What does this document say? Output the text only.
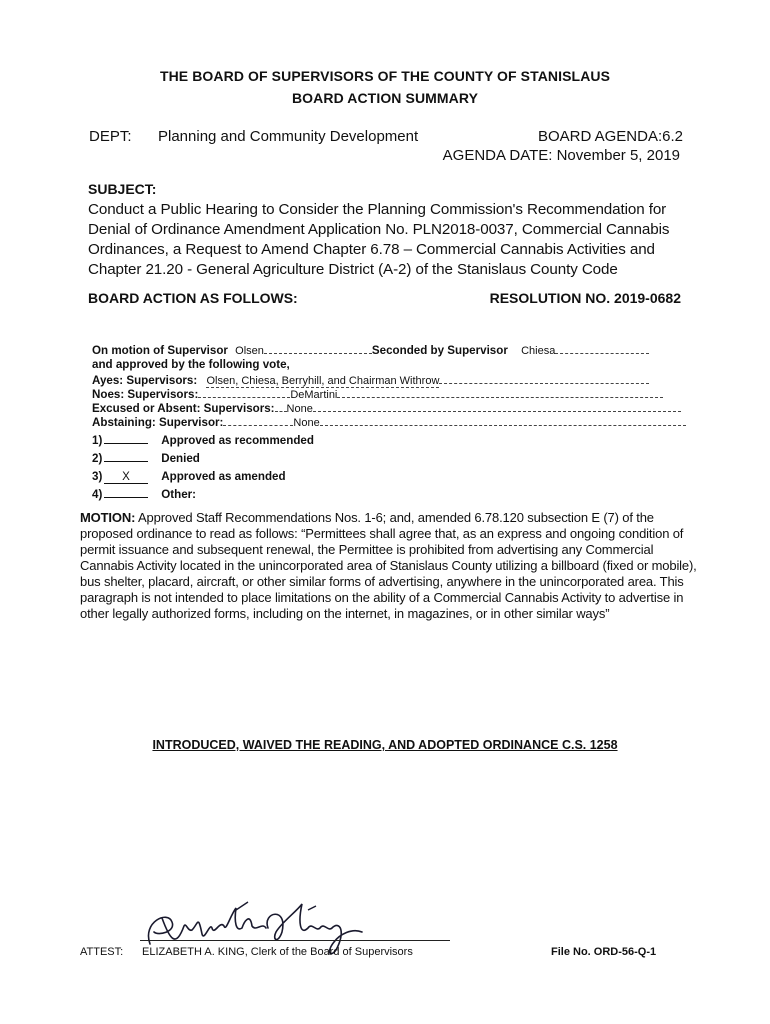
THE BOARD OF SUPERVISORS OF THE COUNTY OF STANISLAUS
BOARD ACTION SUMMARY
DEPT: Planning and Community Development	BOARD AGENDA:6.2
AGENDA DATE: November 5, 2019
SUBJECT:
Conduct a Public Hearing to Consider the Planning Commission's Recommendation for Denial of Ordinance Amendment Application No. PLN2018-0037, Commercial Cannabis Ordinances, a Request to Amend Chapter 6.78 – Commercial Cannabis Activities and Chapter 21.20 - General Agriculture District (A-2) of the Stanislaus County Code
BOARD ACTION AS FOLLOWS:	RESOLUTION NO. 2019-0682
On motion of Supervisor Olsen	Seconded by Supervisor Chiesa
and approved by the following vote,
Ayes: Supervisors: Olsen, Chiesa, Berryhill, and Chairman Withrow
Noes: Supervisors:	DeMartini
Excused or Absent: Supervisors: None
Abstaining: Supervisor:	None
1)	Approved as recommended
2)	Denied
3) X	Approved as amended
4)	Other:
MOTION: Approved Staff Recommendations Nos. 1-6; and, amended 6.78.120 subsection E (7) of the proposed ordinance to read as follows: “Permittees shall agree that, as an express and ongoing condition of permit issuance and subsequent renewal, the Permittee is prohibited from advertising any Commercial Cannabis Activity located in the unincorporated area of Stanislaus County utilizing a billboard (fixed or mobile), bus shelter, placard, aircraft, or other similar forms of advertising, anywhere in the unincorporated area. This paragraph is not intended to place limitations on the ability of a Commercial Cannabis Activity to advertise in other legally authorized forms, including on the internet, in magazines, or in other similar ways”
INTRODUCED, WAIVED THE READING, AND ADOPTED ORDINANCE C.S. 1258
ATTEST: ELIZABETH A. KING, Clerk of the Board of Supervisors	File No. ORD-56-Q-1
